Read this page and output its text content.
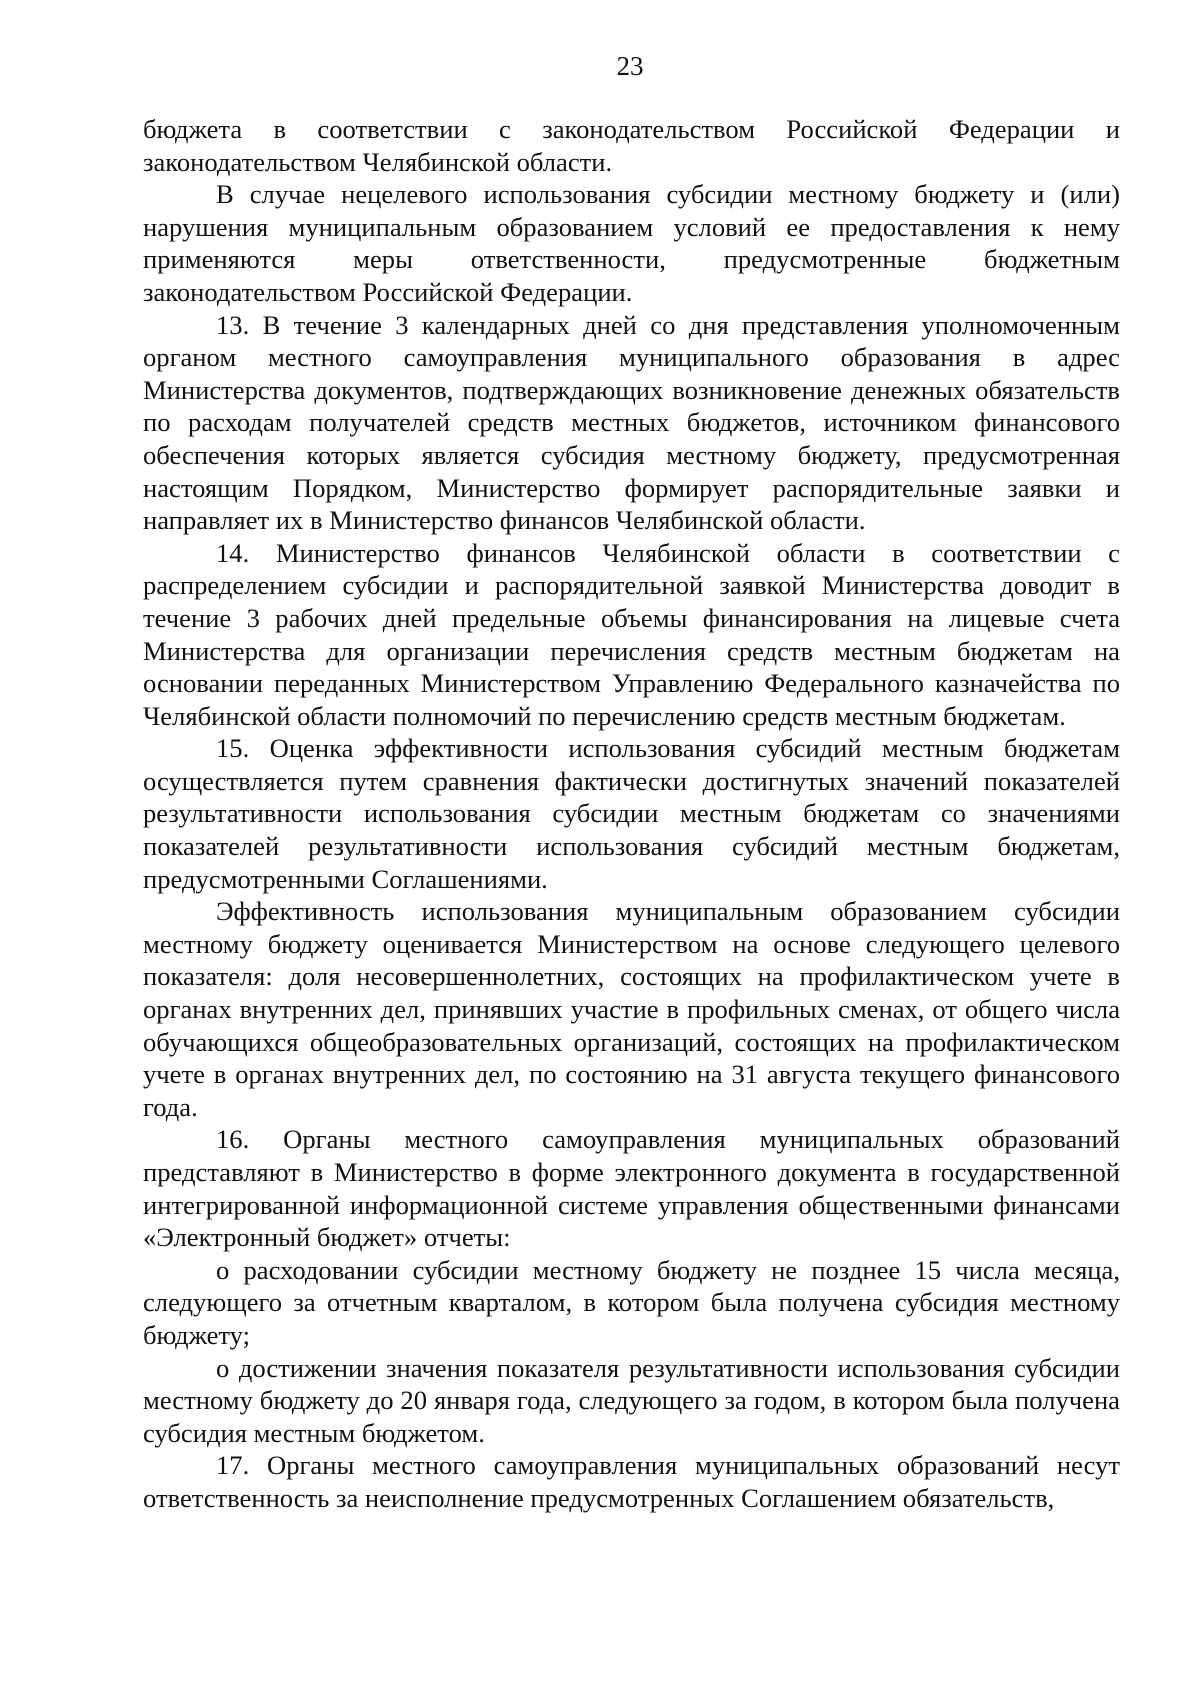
23

бюджета в соответствии с законодательством Российской Федерации и законодательством Челябинской области.

В случае нецелевого использования субсидии местному бюджету и (или) нарушения муниципальным образованием условий ее предоставления к нему применяются меры ответственности, предусмотренные бюджетным законодательством Российской Федерации.

13. В течение 3 календарных дней со дня представления уполномоченным органом местного самоуправления муниципального образования в адрес Министерства документов, подтверждающих возникновение денежных обязательств по расходам получателей средств местных бюджетов, источником финансового обеспечения которых является субсидия местному бюджету, предусмотренная настоящим Порядком, Министерство формирует распорядительные заявки и направляет их в Министерство финансов Челябинской области.

14. Министерство финансов Челябинской области в соответствии с распределением субсидии и распорядительной заявкой Министерства доводит в течение 3 рабочих дней предельные объемы финансирования на лицевые счета Министерства для организации перечисления средств местным бюджетам на основании переданных Министерством Управлению Федерального казначейства по Челябинской области полномочий по перечислению средств местным бюджетам.

15. Оценка эффективности использования субсидий местным бюджетам осуществляется путем сравнения фактически достигнутых значений показателей результативности использования субсидии местным бюджетам со значениями показателей результативности использования субсидий местным бюджетам, предусмотренными Соглашениями.

Эффективность использования муниципальным образованием субсидии местному бюджету оценивается Министерством на основе следующего целевого показателя: доля несовершеннолетних, состоящих на профилактическом учете в органах внутренних дел, принявших участие в профильных сменах, от общего числа обучающихся общеобразовательных организаций, состоящих на профилактическом учете в органах внутренних дел, по состоянию на 31 августа текущего финансового года.

16. Органы местного самоуправления муниципальных образований представляют в Министерство в форме электронного документа в государственной интегрированной информационной системе управления общественными финансами «Электронный бюджет» отчеты:

о расходовании субсидии местному бюджету не позднее 15 числа месяца, следующего за отчетным кварталом, в котором была получена субсидия местному бюджету;

о достижении значения показателя результативности использования субсидии местному бюджету до 20 января года, следующего за годом, в котором была получена субсидия местным бюджетом.

17. Органы местного самоуправления муниципальных образований несут ответственность за неисполнение предусмотренных Соглашением обязательств,
